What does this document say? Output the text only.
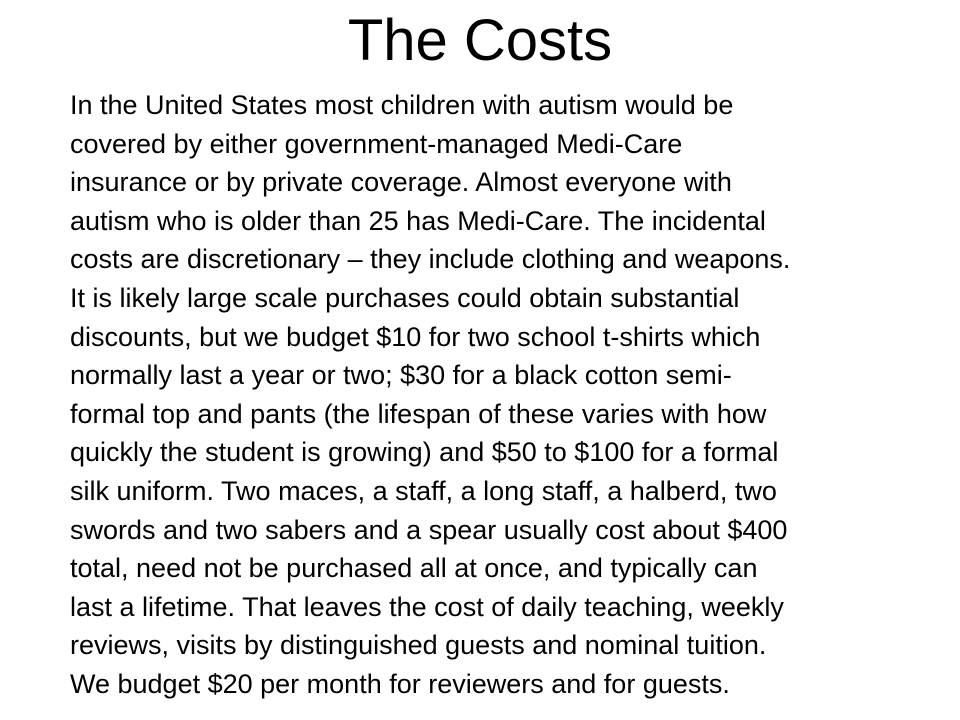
The Costs

In the United States most children with autism would be
covered by either government-managed Medi-Care
insurance or by private coverage. Almost everyone with
autism who is older than 25 has Medi-Care. The incidental
costs are discretionary – they include clothing and weapons.
It is likely large scale purchases could obtain substantial
discounts, but we budget $10 for two school t-shirts which
normally last a year or two; $30 for a black cotton semi-
formal top and pants (the lifespan of these varies with how
quickly the student is growing) and $50 to $100 for a formal
silk uniform. Two maces, a staff, a long staff, a halberd, two
swords and two sabers and a spear usually cost about $400
total, need not be purchased all at once, and typically can
last a lifetime. That leaves the cost of daily teaching, weekly
reviews, visits by distinguished guests and nominal tuition.
We budget $20 per month for reviewers and for guests.
